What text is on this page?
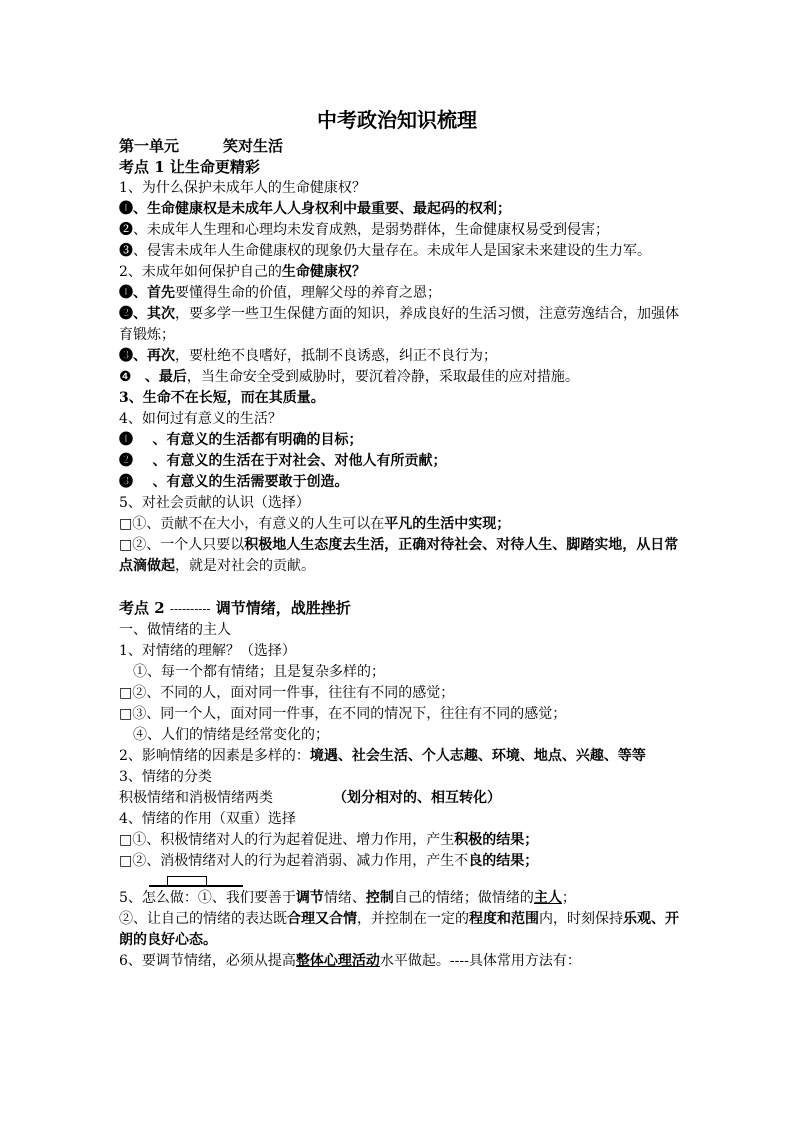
中考政治知识梳理

第一单元	笑对生活

考点 1 让生命更精彩

1、为什么保护未成年人的生命健康权？

❶、生命健康权是未成年人人身权利中最重要、最起码的权利；

❷、未成年人生理和心理均未发育成熟，是弱势群体，生命健康权易受到侵害；

❸、侵害未成年人生命健康权的现象仍大量存在。未成年人是国家未来建设的生力军。

2、未成年如何保护自己的生命健康权？

❶、首先要懂得生命的价值，理解父母的养育之恩；

❷、其次，要多学一些卫生保健方面的知识，养成良好的生活习惯，注意劳逸结合，加强体育锻炼；

❸、再次，要杜绝不良嗜好，抵制不良诱惑，纠正不良行为；

❹ 、最后，当生命安全受到威胁时，要沉着冷静，采取最佳的应对措施。

3、生命不在长短，而在其质量。

4、如何过有意义的生活？

❶ 、有意义的生活都有明确的目标；

❷ 、有意义的生活在于对社会、对他人有所贡献；

❸ 、有意义的生活需要敢于创造。

5、对社会贡献的认识（选择）

□①、贡献不在大小，有意义的人生可以在平凡的生活中实现；

□②、一个人只要以积极地人生态度去生活，正确对待社会、对待人生、脚踏实地，从日常点滴做起，就是对社会的贡献。

考点 2 ---------- 调节情绪，战胜挫折

一、做情绪的主人

1、对情绪的理解？（选择）

①、每一个都有情绪；且是复杂多样的；

□②、不同的人，面对同一件事，往往有不同的感觉；

□③、同一个人，面对同一件事，在不同的情况下，往往有不同的感觉；

④、人们的情绪是经常变化的；

2、影响情绪的因素是多样的：境遇、社会生活、个人志趣、环境、地点、兴趣、等等

3、情绪的分类

积极情绪和消极情绪两类	（划分相对的、相互转化）

4、情绪的作用（双重）选择

□①、积极情绪对人的行为起着促进、增力作用，产生积极的结果；

□②、消极情绪对人的行为起着消弱、减力作用，产生不良的结果；

5、怎么做：①、我们要善于调节情绪、控制自己的情绪；做情绪的主人；

②、让自己的情绪的表达既合理又合情，并控制在一定的程度和范围内，时刻保持乐观、开朗的良好心态。

6、要调节情绪，必须从提高整体心理活动水平做起。----具体常用方法有：
